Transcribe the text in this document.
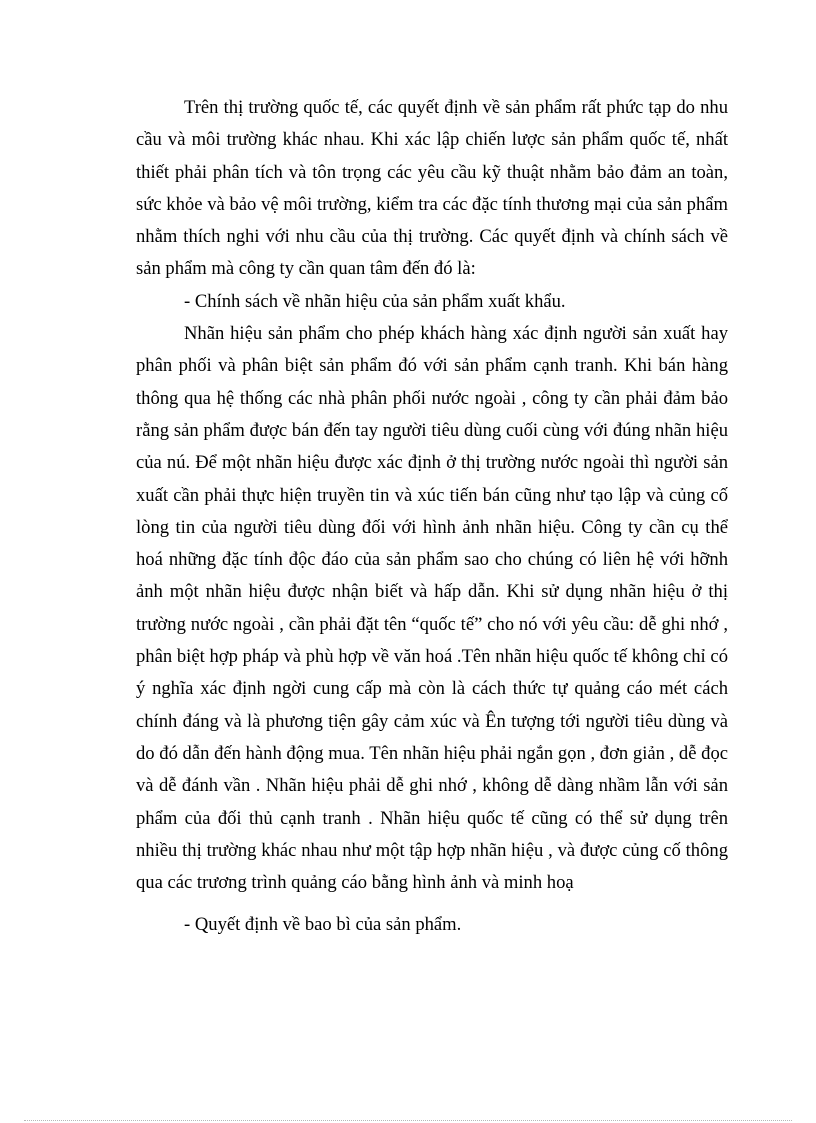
Trên thị trường quốc tế, các quyết định về sản phẩm rất phức tạp do nhu cầu và môi trường khác nhau. Khi xác lập chiến lược sản phẩm quốc tế, nhất thiết phải phân tích và tôn trọng các yêu cầu kỹ thuật nhằm bảo đảm an toàn, sức khỏe và bảo vệ môi trường, kiểm tra các đặc tính thương mại của sản phẩm nhằm thích nghi với nhu cầu của thị trường. Các quyết định và chính sách về sản phẩm mà công ty cần quan tâm đến đó là:

- Chính sách về nhãn hiệu của sản phẩm xuất khẩu.

Nhãn hiệu sản phẩm cho phép khách hàng xác định người sản xuất hay phân phối và phân biệt sản phẩm đó với sản phẩm cạnh tranh. Khi bán hàng thông qua hệ thống các nhà phân phối nước ngoài , công ty cần phải đảm bảo rằng sản phẩm được bán đến tay người tiêu dùng cuối cùng với đúng nhãn hiệu của nú. Để một nhãn hiệu được xác định ở thị trường nước ngoài thì người sản xuất cần phải thực hiện truyền tin và xúc tiến bán cũng như tạo lập và củng cố lòng tin của người tiêu dùng đối với hình ảnh nhãn hiệu. Công ty cần cụ thể hoá những đặc tính độc đáo của sản phẩm sao cho chúng có liên hệ với hỡnh ảnh một nhãn hiệu được nhận biết và hấp dẫn. Khi sử dụng nhãn hiệu ở thị trường nước ngoài , cần phải đặt tên “quốc tế” cho nó với yêu cầu: dễ ghi nhớ , phân biệt hợp pháp và phù hợp về văn hoá .Tên nhãn hiệu quốc tế không chỉ có ý nghĩa xác định ngời cung cấp mà còn là cách thức tự quảng cáo mét cách chính đáng và là phương tiện gây cảm xúc và Ên tượng tới người tiêu dùng và do đó dẫn đến hành động mua. Tên nhãn hiệu phải ngắn gọn , đơn giản , dễ đọc và dễ đánh vần . Nhãn hiệu phải dễ ghi nhớ , không dễ dàng nhầm lẫn với sản phẩm của đối thủ cạnh tranh . Nhãn hiệu quốc tế cũng có thể sử dụng trên nhiều thị trường khác nhau như một tập hợp nhãn hiệu , và được củng cố thông qua các trương trình quảng cáo bằng hình ảnh và minh hoạ

- Quyết định về bao bì của sản phẩm.
